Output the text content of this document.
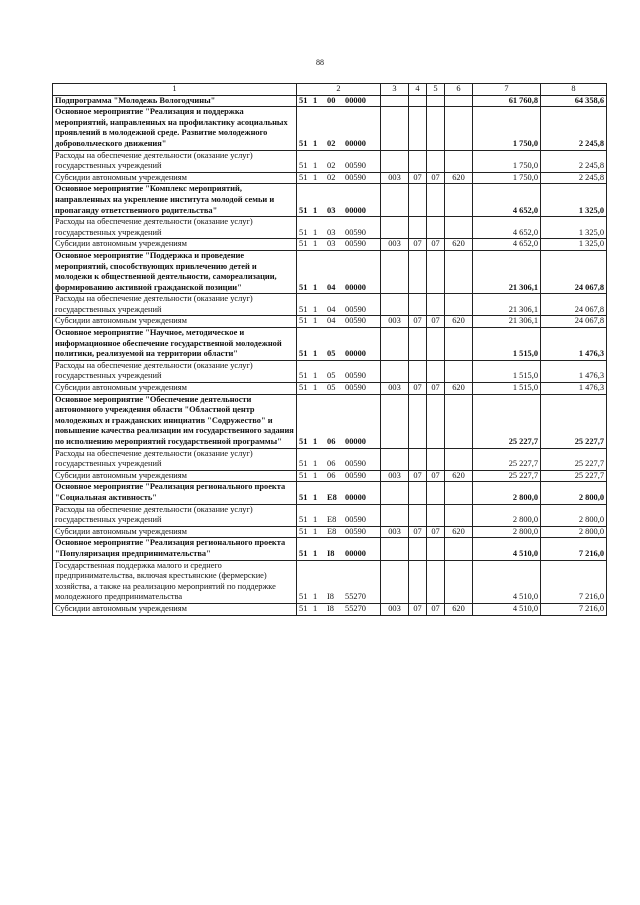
88
1	2	3	4	5	6	7	8
Подпрограмма "Молодежь Вологодчины"	51 1 00 00000					61 760,8	64 358,6
Основное мероприятие "Реализация и поддержка мероприятий, направленных на профилактику асоциальных проявлений в молодежной среде. Развитие молодежного добровольческого движения"	51 1 02 00000					1 750,0	2 245,8
Расходы на обеспечение деятельности (оказание услуг) государственных учреждений	51 1 02 00590					1 750,0	2 245,8
Субсидии автономным учреждениям	51 1 02 00590	003	07	07	620	1 750,0	2 245,8
Основное мероприятие "Комплекс мероприятий, направленных на укрепление института молодой семьи и пропаганду ответственного родительства"	51 1 03 00000					4 652,0	1 325,0
Расходы на обеспечение деятельности (оказание услуг) государственных учреждений	51 1 03 00590					4 652,0	1 325,0
Субсидии автономным учреждениям	51 1 03 00590	003	07	07	620	4 652,0	1 325,0
Основное мероприятие "Поддержка и проведение мероприятий, способствующих привлечению детей и молодежи к общественной деятельности, самореализации, формированию активной гражданской позиции"	51 1 04 00000					21 306,1	24 067,8
Расходы на обеспечение деятельности (оказание услуг) государственных учреждений	51 1 04 00590					21 306,1	24 067,8
Субсидии автономным учреждениям	51 1 04 00590	003	07	07	620	21 306,1	24 067,8
Основное мероприятие "Научное, методическое и информационное обеспечение государственной молодежной политики, реализуемой на территории области"	51 1 05 00000					1 515,0	1 476,3
Расходы на обеспечение деятельности (оказание услуг) государственных учреждений	51 1 05 00590					1 515,0	1 476,3
Субсидии автономным учреждениям	51 1 05 00590	003	07	07	620	1 515,0	1 476,3
Основное мероприятие "Обеспечение деятельности автономного учреждения области "Областной центр молодежных и гражданских инициатив "Содружество" и повышение качества реализации им государственного задания по исполнению мероприятий государственной программы"	51 1 06 00000					25 227,7	25 227,7
Расходы на обеспечение деятельности (оказание услуг) государственных учреждений	51 1 06 00590					25 227,7	25 227,7
Субсидии автономным учреждениям	51 1 06 00590	003	07	07	620	25 227,7	25 227,7
Основное мероприятие "Реализация регионального проекта "Социальная активность"	51 1 E8 00000					2 800,0	2 800,0
Расходы на обеспечение деятельности (оказание услуг) государственных учреждений	51 1 E8 00590					2 800,0	2 800,0
Субсидии автономным учреждениям	51 1 E8 00590	003	07	07	620	2 800,0	2 800,0
Основное мероприятие "Реализация регионального проекта "Популяризация предпринимательства"	51 1 I8 00000					4 510,0	7 216,0
Государственная поддержка малого и среднего предпринимательства, включая крестьянские (фермерские) хозяйства, а также на реализацию мероприятий по поддержке молодежного предпринимательства	51 1 I8 55270					4 510,0	7 216,0
Субсидии автономным учреждениям	51 1 I8 55270	003	07	07	620	4 510,0	7 216,0
